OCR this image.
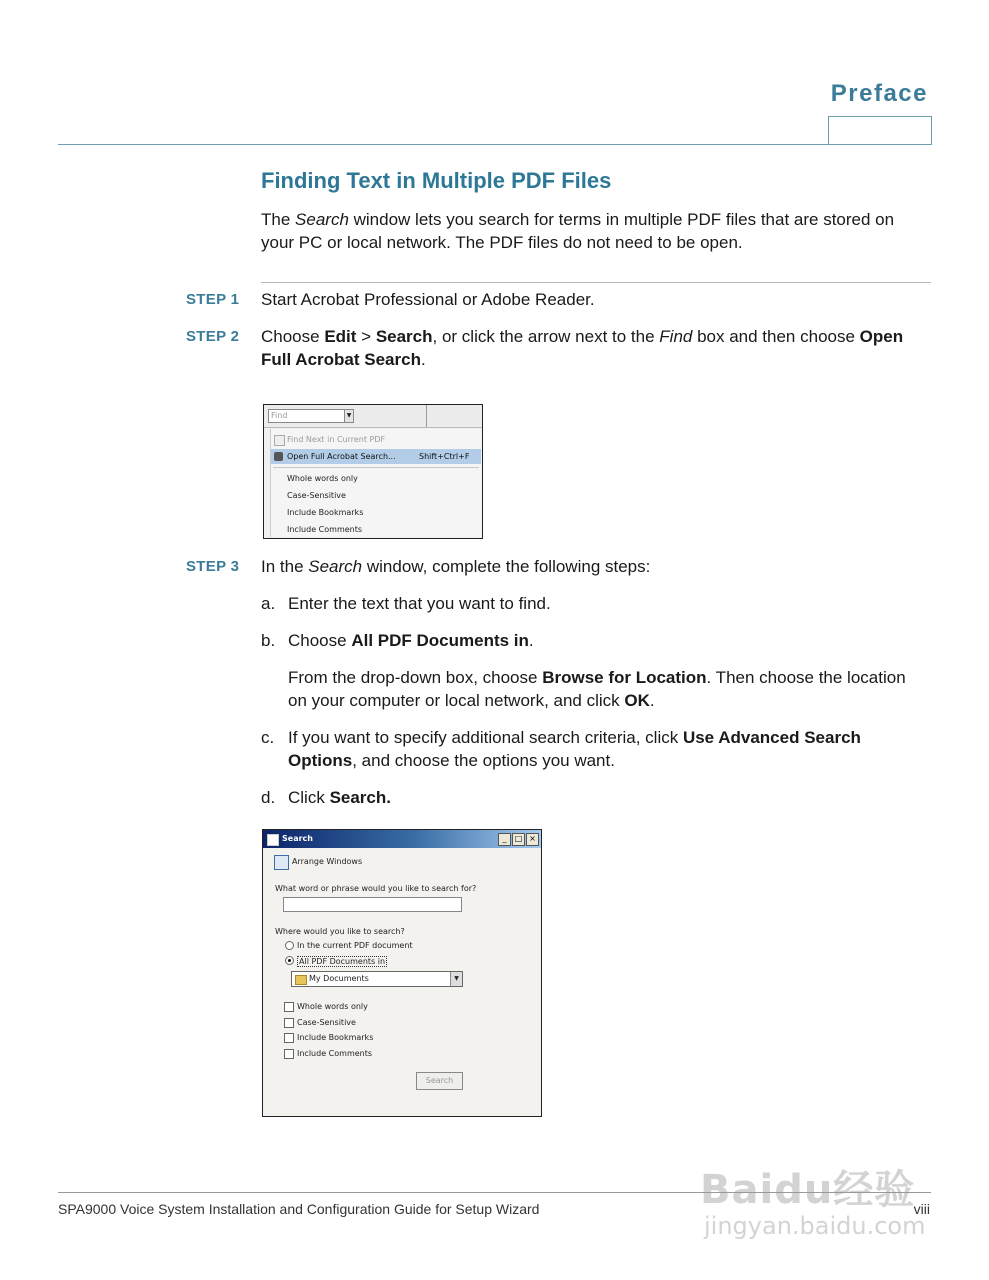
Preface
Finding Text in Multiple PDF Files
The Search window lets you search for terms in multiple PDF files that are stored on your PC or local network. The PDF files do not need to be open.
STEP 1 Start Acrobat Professional or Adobe Reader.
STEP 2 Choose Edit > Search, or click the arrow next to the Find box and then choose Open Full Acrobat Search.
Find	▼
Find Next in Current PDF
Open Full Acrobat Search...	Shift+Ctrl+F
Whole words only
Case-Sensitive
Include Bookmarks
Include Comments
STEP 3 In the Search window, complete the following steps:
a. Enter the text that you want to find.
b. Choose All PDF Documents in.
From the drop-down box, choose Browse for Location. Then choose the location on your computer or local network, and click OK.
c. If you want to specify additional search criteria, click Use Advanced Search Options, and choose the options you want.
d. Click Search.
Search	_	□ ×
Arrange Windows
What word or phrase would you like to search for?
Where would you like to search?
In the current PDF document
All PDF Documents in
My Documents	▼
Whole words only
Case-Sensitive
Include Bookmarks
Include Comments
Search
Baidu经验
jingyan.baidu.com
SPA9000 Voice System Installation and Configuration Guide for Setup Wizard	viii
